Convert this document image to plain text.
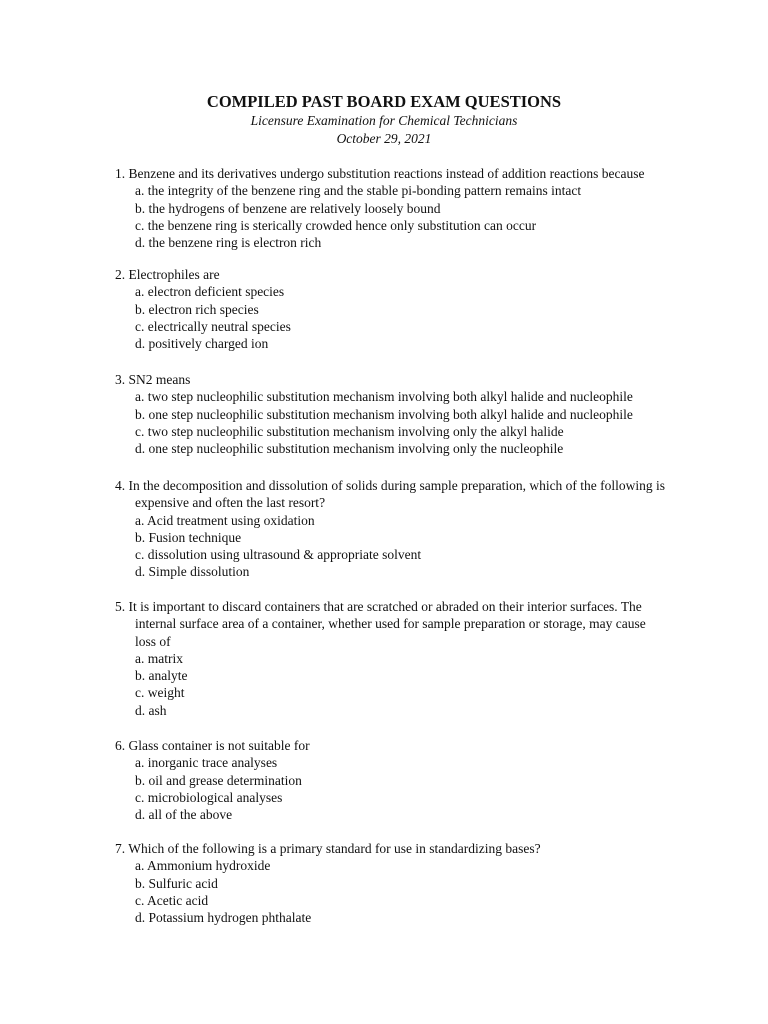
COMPILED PAST BOARD EXAM QUESTIONS
Licensure Examination for Chemical Technicians
October 29, 2021
1. Benzene and its derivatives undergo substitution reactions instead of addition reactions because
a. the integrity of the benzene ring and the stable pi-bonding pattern remains intact
b. the hydrogens of benzene are relatively loosely bound
c. the benzene ring is sterically crowded hence only substitution can occur
d. the benzene ring is electron rich
2. Electrophiles are
a. electron deficient species
b. electron rich species
c. electrically neutral species
d. positively charged ion
3. SN2 means
a. two step nucleophilic substitution mechanism involving both alkyl halide and nucleophile
b. one step nucleophilic substitution mechanism involving both alkyl halide and nucleophile
c. two step nucleophilic substitution mechanism involving only the alkyl halide
d. one step nucleophilic substitution mechanism involving only the nucleophile
4. In the decomposition and dissolution of solids during sample preparation, which of the following is
expensive and often the last resort?
a. Acid treatment using oxidation
b. Fusion technique
c. dissolution using ultrasound & appropriate solvent
d. Simple dissolution
5. It is important to discard containers that are scratched or abraded on their interior surfaces. The
internal surface area of a container, whether used for sample preparation or storage, may cause
loss of
a. matrix
b. analyte
c. weight
d. ash
6. Glass container is not suitable for
a. inorganic trace analyses
b. oil and grease determination
c. microbiological analyses
d. all of the above
7. Which of the following is a primary standard for use in standardizing bases?
a. Ammonium hydroxide
b. Sulfuric acid
c. Acetic acid
d. Potassium hydrogen phthalate
